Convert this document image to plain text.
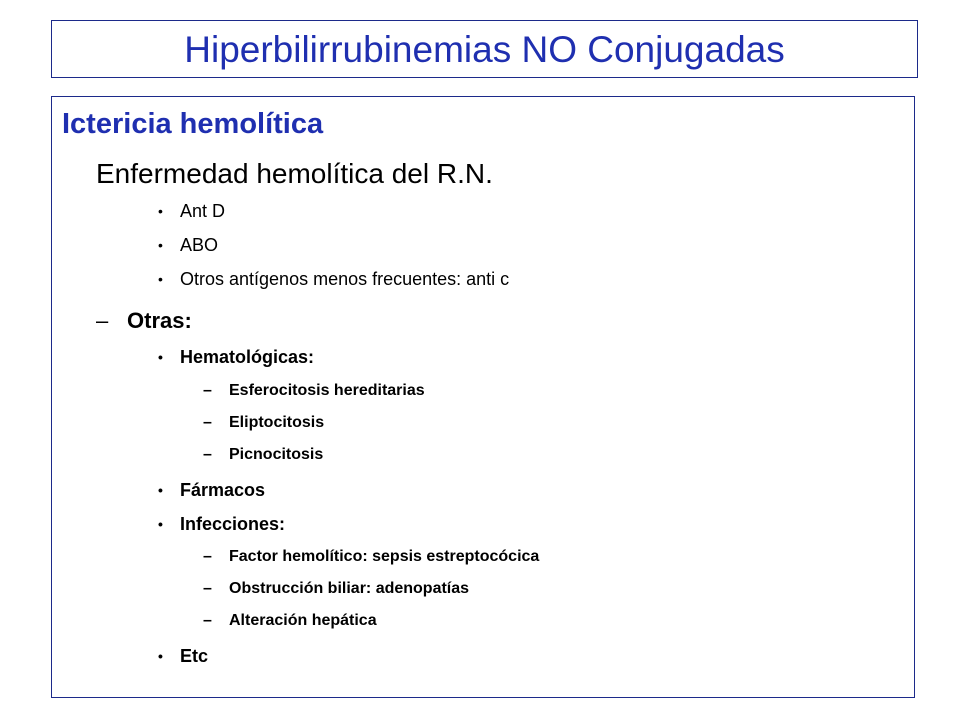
Hiperbilirrubinemias NO Conjugadas
Ictericia hemolítica
Enfermedad hemolítica del R.N.
• Ant D
• ABO
• Otros antígenos menos frecuentes: anti c
– Otras:
• Hematológicas:
–	Esferocitosis hereditarias
–	Eliptocitosis
–	Picnocitosis
• Fármacos
• Infecciones:
–	Factor hemolítico: sepsis estreptocócica
–	Obstrucción biliar: adenopatías
–	Alteración hepática
• Etc
